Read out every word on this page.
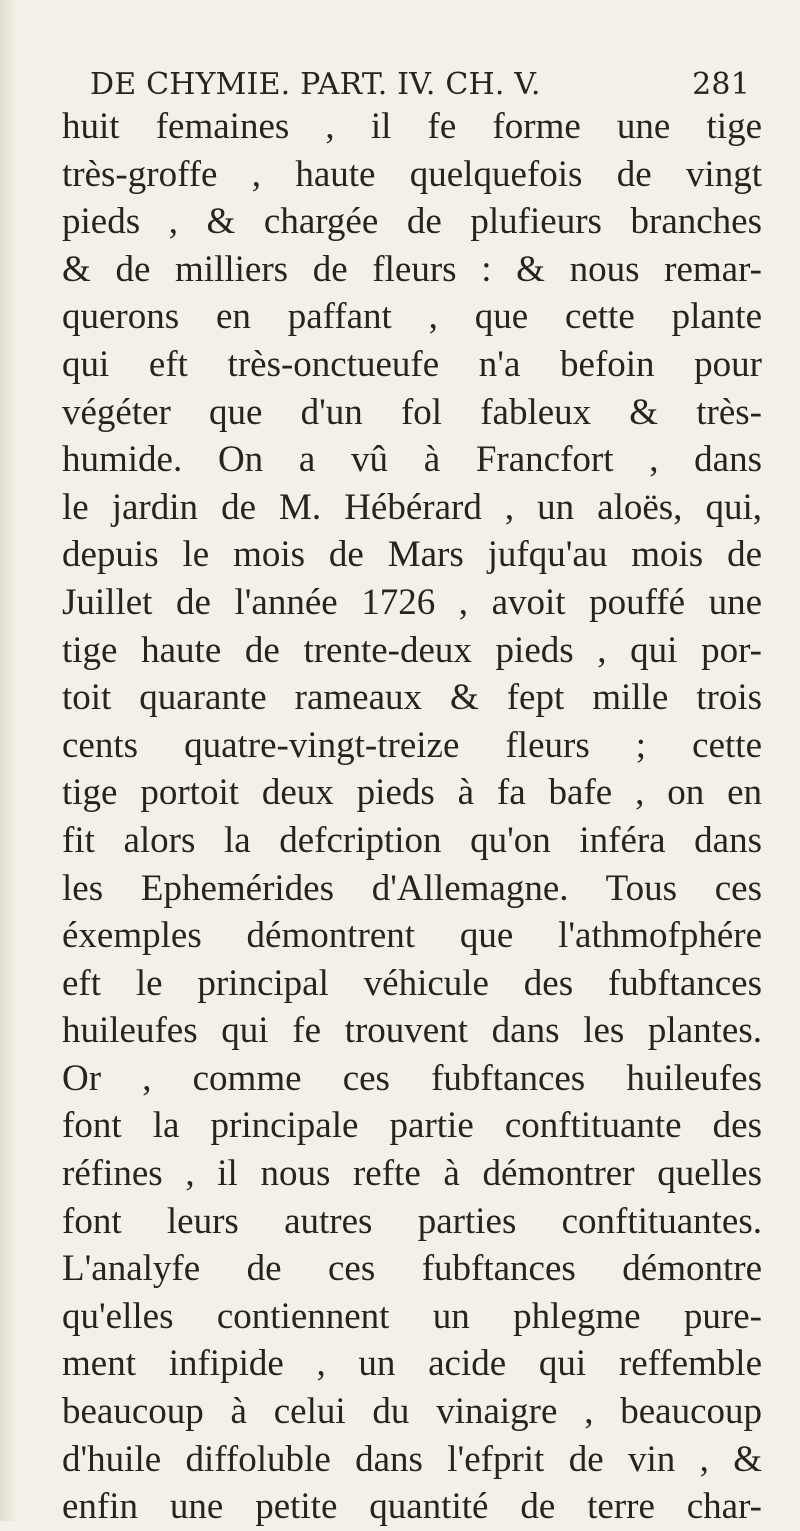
DE CHYMIE. PART. IV. CH. V.	281
huit femaines , il fe forme une tige
très-groffe , haute quelquefois de vingt
pieds , & chargée de plufieurs branches
& de milliers de fleurs : & nous remar-
querons en paffant , que cette plante
qui eft très-onctueufe n'a befoin pour
végéter que d'un fol fableux & très-
humide. On a vû à Francfort , dans
le jardin de M. Hébérard , un aloës, qui,
depuis le mois de Mars jufqu'au mois de
Juillet de l'année 1726 , avoit pouffé une
tige haute de trente-deux pieds , qui por-
toit quarante rameaux & fept mille trois
cents quatre-vingt-treize fleurs ; cette
tige portoit deux pieds à fa bafe , on en
fit alors la defcription qu'on inféra dans
les Ephemérides d'Allemagne. Tous ces
éxemples démontrent que l'athmofphére
eft le principal véhicule des fubftances
huileufes qui fe trouvent dans les plantes.
Or , comme ces fubftances huileufes
font la principale partie conftituante des
réfines , il nous refte à démontrer quelles
font leurs autres parties conftituantes.
L'analyfe de ces fubftances démontre
qu'elles contiennent un phlegme pure-
ment infipide , un acide qui reffemble
beaucoup à celui du vinaigre , beaucoup
d'huile diffoluble dans l'efprit de vin , &
enfin une petite quantité de terre char-
